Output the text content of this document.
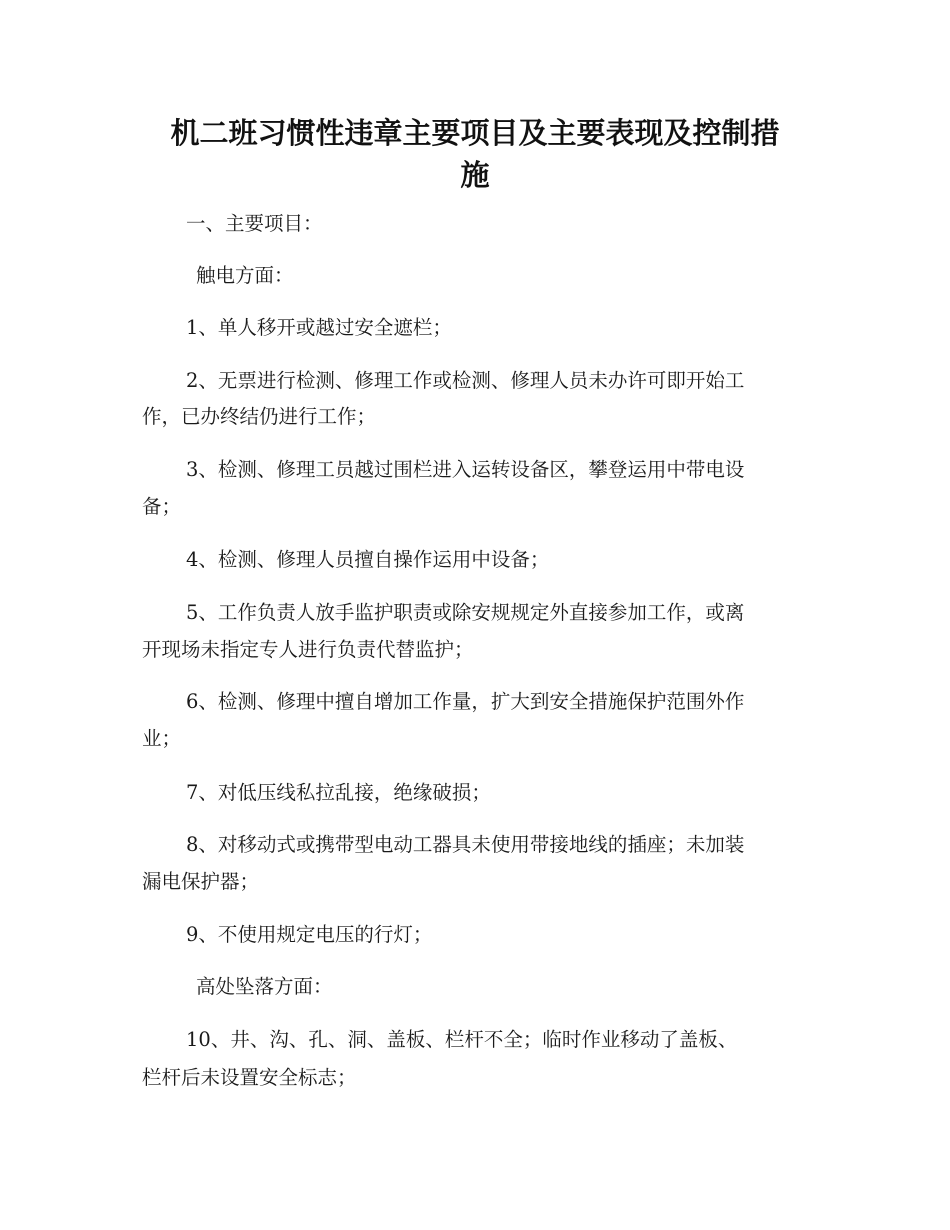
机二班习惯性违章主要项目及主要表现及控制措
施
一、主要项目：
触电方面：
1、单人移开或越过安全遮栏；
2、无票进行检测、修理工作或检测、修理人员未办许可即开始工
作，已办终结仍进行工作；
3、检测、修理工员越过围栏进入运转设备区，攀登运用中带电设
备；
4、检测、修理人员擅自操作运用中设备；
5、工作负责人放手监护职责或除安规规定外直接参加工作，或离
开现场未指定专人进行负责代替监护；
6、检测、修理中擅自增加工作量，扩大到安全措施保护范围外作
业；
7、对低压线私拉乱接，绝缘破损；
8、对移动式或携带型电动工器具未使用带接地线的插座；未加装
漏电保护器；
9、不使用规定电压的行灯；
高处坠落方面：
10、井、沟、孔、洞、盖板、栏杆不全；临时作业移动了盖板、
栏杆后未设置安全标志；
